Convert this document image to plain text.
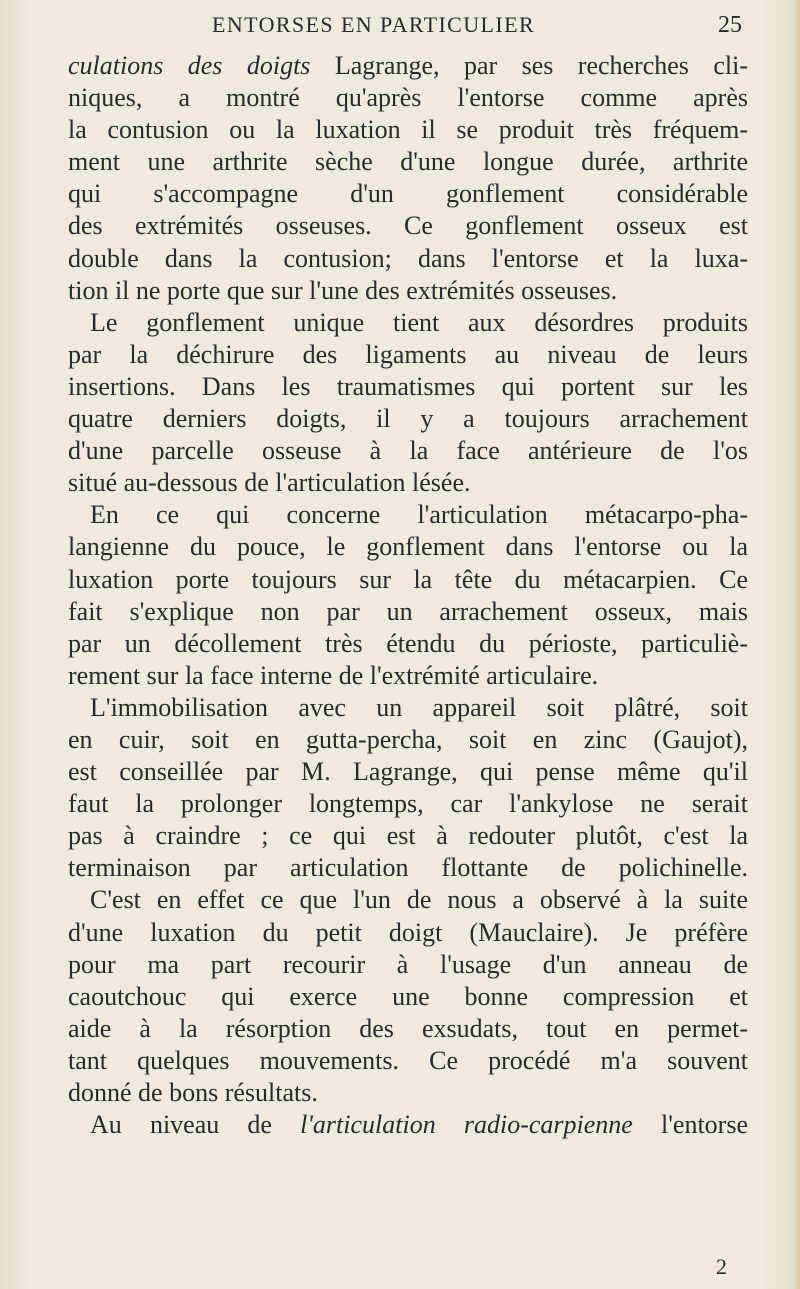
ENTORSES EN PARTICULIER	25
culations des doigts Lagrange, par ses recherches cli-
niques, a montré qu'après l'entorse comme après
la contusion ou la luxation il se produit très fréquem-
ment une arthrite sèche d'une longue durée, arthrite
qui s'accompagne d'un gonflement considérable
des extrémités osseuses. Ce gonflement osseux est
double dans la contusion; dans l'entorse et la luxa-
tion il ne porte que sur l'une des extrémités osseuses.
Le gonflement unique tient aux désordres produits
par la déchirure des ligaments au niveau de leurs
insertions. Dans les traumatismes qui portent sur les
quatre derniers doigts, il y a toujours arrachement
d'une parcelle osseuse à la face antérieure de l'os
situé au-dessous de l'articulation lésée.
En ce qui concerne l'articulation métacarpo-pha-
langienne du pouce, le gonflement dans l'entorse ou la
luxation porte toujours sur la tête du métacarpien. Ce
fait s'explique non par un arrachement osseux, mais
par un décollement très étendu du périoste, particuliè-
rement sur la face interne de l'extrémité articulaire.
L'immobilisation avec un appareil soit plâtré, soit
en cuir, soit en gutta-percha, soit en zinc (Gaujot),
est conseillée par M. Lagrange, qui pense même qu'il
faut la prolonger longtemps, car l'ankylose ne serait
pas à craindre ; ce qui est à redouter plutôt, c'est la
terminaison par articulation flottante de polichinelle.
C'est en effet ce que l'un de nous a observé à la suite
d'une luxation du petit doigt (Mauclaire). Je préfère
pour ma part recourir à l'usage d'un anneau de
caoutchouc qui exerce une bonne compression et
aide à la résorption des exsudats, tout en permet-
tant quelques mouvements. Ce procédé m'a souvent
donné de bons résultats.
Au niveau de l'articulation radio-carpienne l'entorse
2
